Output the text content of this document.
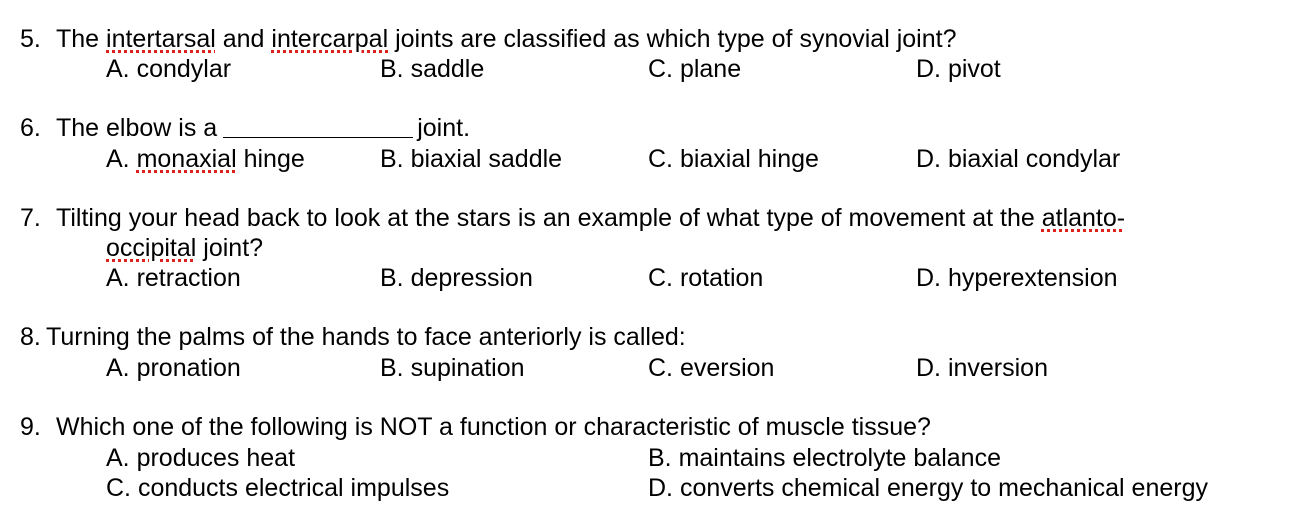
5. The intertarsal and intercarpal joints are classified as which type of synovial joint?
A. condylar	B. saddle	C. plane	D. pivot
6. The elbow is a	joint.
A. monaxial hinge	B. biaxial saddle	C. biaxial hinge	D. biaxial condylar
7. Tilting your head back to look at the stars is an example of what type of movement at the atlanto-
occipital joint?
A. retraction	B. depression	C. rotation	D. hyperextension
8. Turning the palms of the hands to face anteriorly is called:
A. pronation	B. supination	C. eversion	D. inversion
9. Which one of the following is NOT a function or characteristic of muscle tissue?
A. produces heat	B. maintains electrolyte balance
C. conducts electrical impulses	D. converts chemical energy to mechanical energy
